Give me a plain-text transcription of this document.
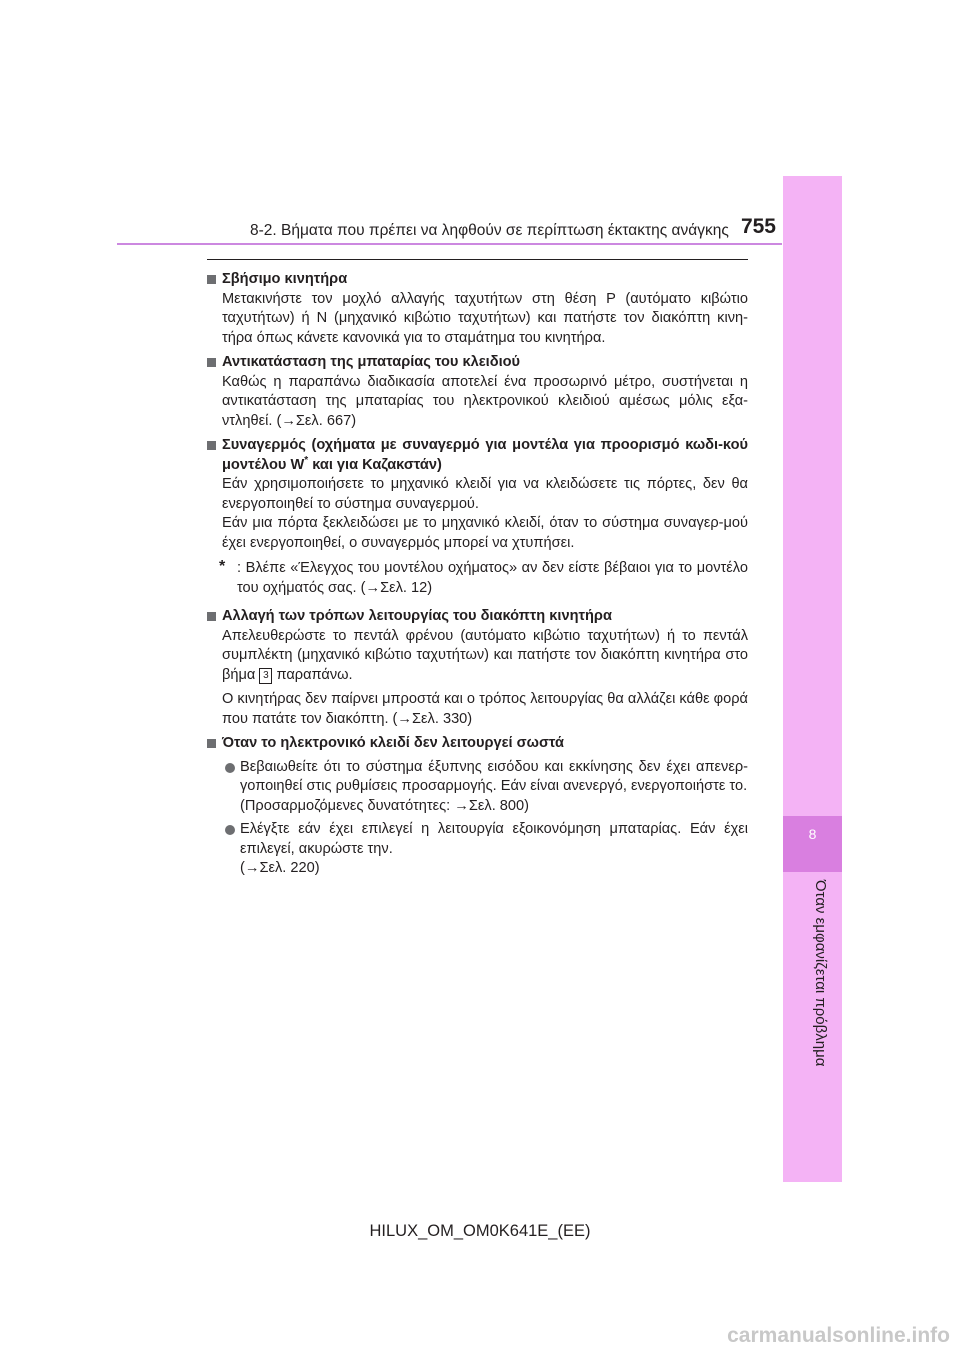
8
Όταν εμφανίζεται πρόβλημα
8-2. Βήματα που πρέπει να ληφθούν σε περίπτωση έκτακτης ανάγκης 755
Σβήσιμο κινητήρα

Μετακινήστε τον μοχλό αλλαγής ταχυτήτων στη θέση P (αυτόματο κιβώτιο ταχυτήτων) ή N (μηχανικό κιβώτιο ταχυτήτων) και πατήστε τον διακόπτη κινη-τήρα όπως κάνετε κανονικά για το σταμάτημα του κινητήρα.

Αντικατάσταση της μπαταρίας του κλειδιού

Καθώς η παραπάνω διαδικασία αποτελεί ένα προσωρινό μέτρο, συστήνεται η αντικατάσταση της μπαταρίας του ηλεκτρονικού κλειδιού αμέσως μόλις εξα-ντληθεί. (→Σελ. 667)

Συναγερμός (οχήματα με συναγερμό για μοντέλα για προορισμό κωδι-κού μοντέλου W* και για Καζακστάν)

Εάν χρησιμοποιήσετε το μηχανικό κλειδί για να κλειδώσετε τις πόρτες, δεν θα ενεργοποιηθεί το σύστημα συναγερμού.

Εάν μια πόρτα ξεκλειδώσει με το μηχανικό κλειδί, όταν το σύστημα συναγερ-μού έχει ενεργοποιηθεί, ο συναγερμός μπορεί να χτυπήσει.

* : Βλέπε «Έλεγχος του μοντέλου οχήματος» αν δεν είστε βέβαιοι για το μοντέλο του οχήματός σας. (→Σελ. 12)
Αλλαγή των τρόπων λειτουργίας του διακόπτη κινητήρα

Απελευθερώστε το πεντάλ φρένου (αυτόματο κιβώτιο ταχυτήτων) ή το πεντάλ συμπλέκτη (μηχανικό κιβώτιο ταχυτήτων) και πατήστε τον διακόπτη κινητήρα στο βήμα 3 παραπάνω.

Ο κινητήρας δεν παίρνει μπροστά και ο τρόπος λειτουργίας θα αλλάζει κάθε φορά που πατάτε τον διακόπτη. (→Σελ. 330)

Όταν το ηλεκτρονικό κλειδί δεν λειτουργεί σωστά
Βεβαιωθείτε ότι το σύστημα έξυπνης εισόδου και εκκίνησης δεν έχει απενερ-γοποιηθεί στις ρυθμίσεις προσαρμογής. Εάν είναι ανενεργό, ενεργοποιήστε το.
(Προσαρμοζόμενες δυνατότητες: →Σελ. 800)
Ελέγξτε εάν έχει επιλεγεί η λειτουργία εξοικονόμηση μπαταρίας. Εάν έχει επιλεγεί, ακυρώστε την.
(→Σελ. 220)
HILUX_OM_OM0K641E_(EE)
carmanualsonline.info
